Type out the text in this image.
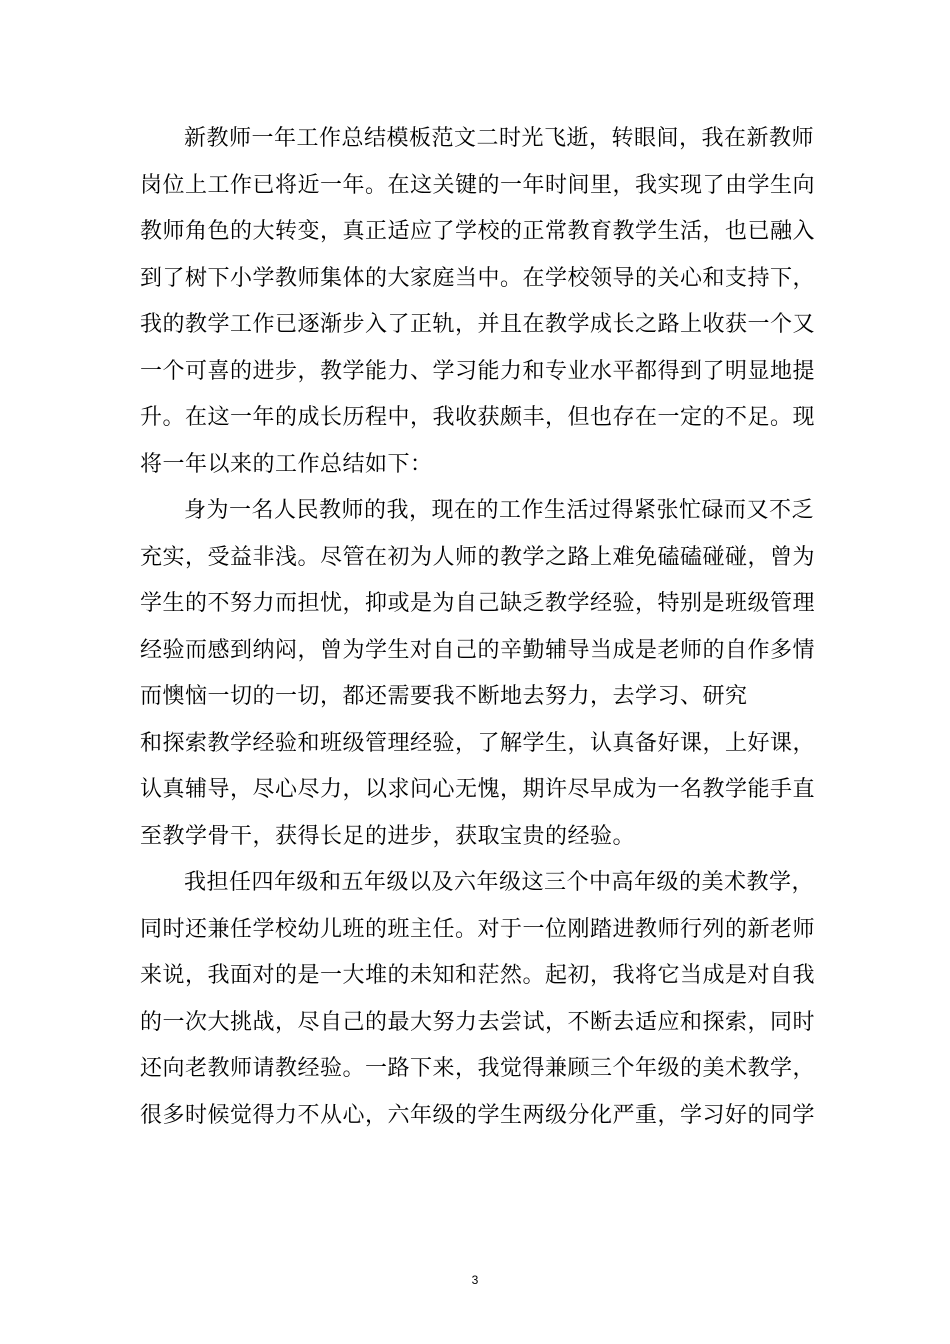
新教师一年工作总结模板范文二时光飞逝，转眼间，我在新教师
岗位上工作已将近一年。在这关键的一年时间里，我实现了由学生向
教师角色的大转变，真正适应了学校的正常教育教学生活，也已融入
到了树下小学教师集体的大家庭当中。在学校领导的关心和支持下，
我的教学工作已逐渐步入了正轨，并且在教学成长之路上收获一个又
一个可喜的进步，教学能力、学习能力和专业水平都得到了明显地提
升。在这一年的成长历程中，我收获颇丰，但也存在一定的不足。现
将一年以来的工作总结如下：
身为一名人民教师的我，现在的工作生活过得紧张忙碌而又不乏
充实，受益非浅。尽管在初为人师的教学之路上难免磕磕碰碰，曾为
学生的不努力而担忧，抑或是为自己缺乏教学经验，特别是班级管理
经验而感到纳闷，曾为学生对自己的辛勤辅导当成是老师的自作多情
而懊恼一切的一切，都还需要我不断地去努力，去学习、研究
和探索教学经验和班级管理经验，了解学生，认真备好课，上好课，
认真辅导，尽心尽力，以求问心无愧，期许尽早成为一名教学能手直
至教学骨干，获得长足的进步，获取宝贵的经验。
我担任四年级和五年级以及六年级这三个中高年级的美术教学，
同时还兼任学校幼儿班的班主任。对于一位刚踏进教师行列的新老师
来说，我面对的是一大堆的未知和茫然。起初，我将它当成是对自我
的一次大挑战，尽自己的最大努力去尝试，不断去适应和探索，同时
还向老教师请教经验。一路下来，我觉得兼顾三个年级的美术教学，
很多时候觉得力不从心，六年级的学生两级分化严重，学习好的同学
3
